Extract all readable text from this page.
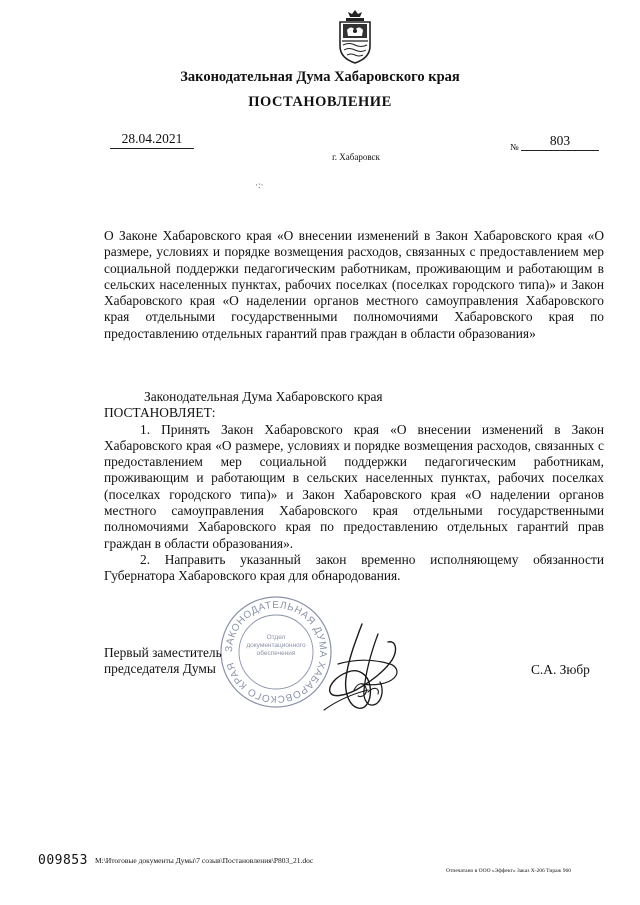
Законодательная Дума Хабаровского края
ПОСТАНОВЛЕНИЕ
28.04.2021
№	803
г. Хабаровск
·:·
О Законе Хабаровского края «О внесении изменений в Закон Хабаровского края «О размере, условиях и порядке возмещения расходов, связанных с предоставлением мер социальной поддержки педагогическим работникам, проживающим и работающим в сельских населенных пунктах, рабочих поселках (поселках городского типа)» и Закон Хабаровского края «О наделении органов местного самоуправления Хабаровского края отдельными государственными полномочиями Хабаровского края по предоставлению отдельных гарантий прав граждан в области образования»

Законодательная Дума Хабаровского края

ПОСТАНОВЛЯЕТ:

1. Принять Закон Хабаровского края «О внесении изменений в Закон Хабаровского края «О размере, условиях и порядке возмещения расходов, связанных с предоставлением мер социальной поддержки педагогическим работникам, проживающим и работающим в сельских населенных пунктах, рабочих поселках (поселках городского типа)» и Закон Хабаровского края «О наделении органов местного самоуправления Хабаровского края отдельными государственными полномочиями Хабаровского края по предоставлению отдельных гарантий прав граждан в области образования».

2. Направить указанный закон временно исполняющему обязанности Губернатора Хабаровского края для обнародования.

ЗАКОНОДАТЕЛЬНАЯ ДУМА ХАБАРОВСКОГО КРАЯ
Отдел документационного обеспечения
Первый заместитель
председателя Думы	С.А. Зюбр
009853 M:\Итоговые документы Думы\7 созыв\Постановления\Р803_21.doc
Отпечатано в ООО «Эффект» Заказ Х-206 Тираж 960
